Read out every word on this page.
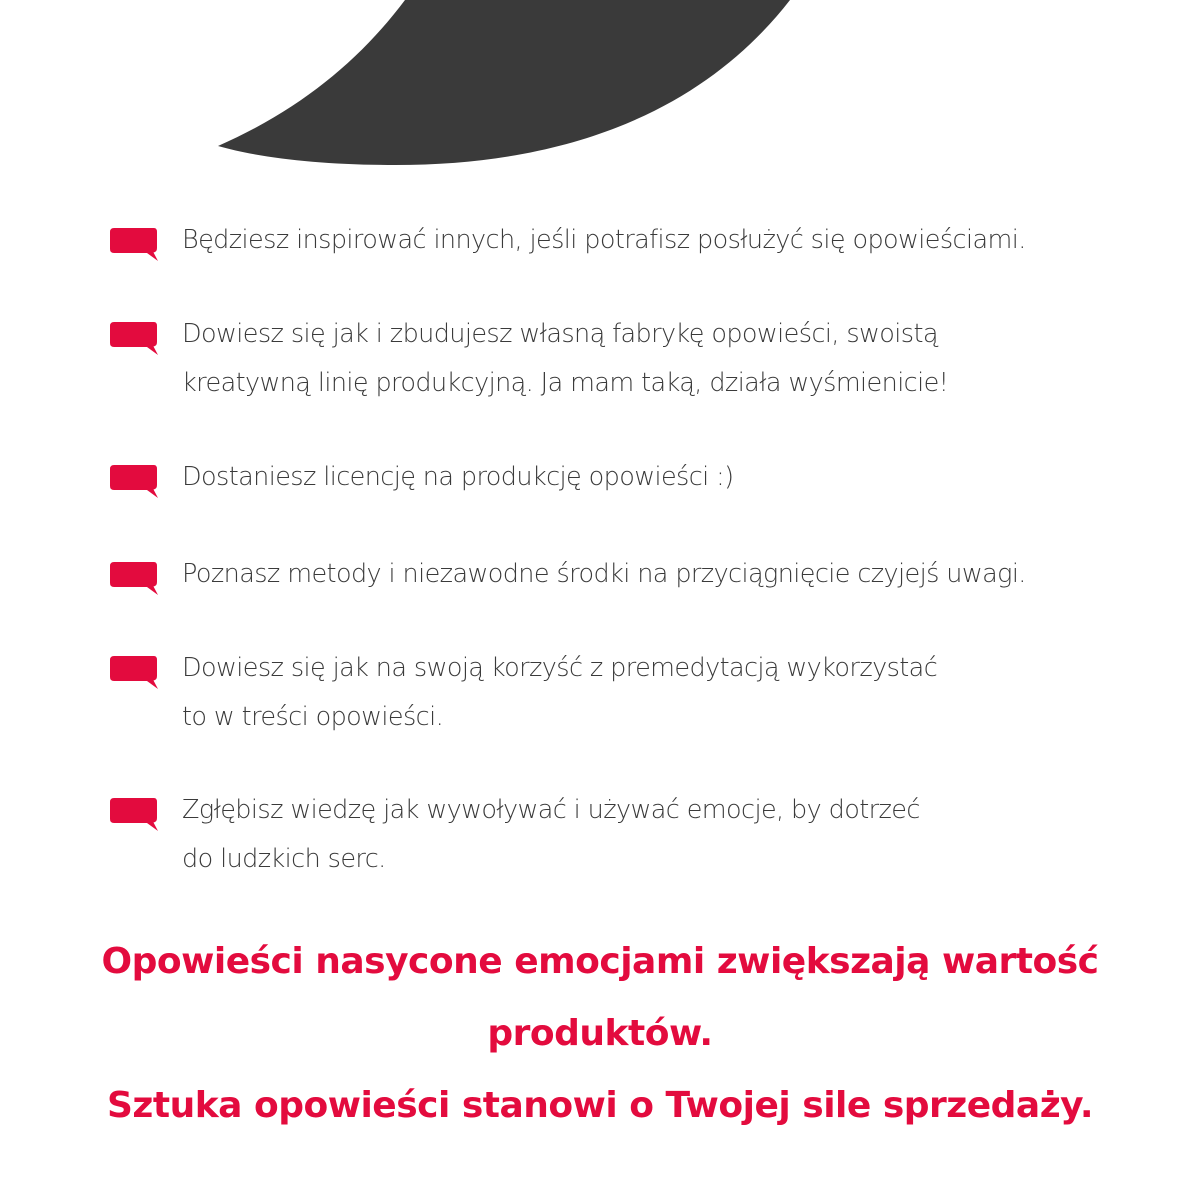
Będziesz inspirować innych, jeśli potrafisz posłużyć się opowieściami.
Dowiesz się jak i zbudujesz własną fabrykę opowieści, swoistą
kreatywną linię produkcyjną. Ja mam taką, działa wyśmienicie!
Dostaniesz licencję na produkcję opowieści :)
Poznasz metody i niezawodne środki na przyciągnięcie czyjejś uwagi.
Dowiesz się jak na swoją korzyść z premedytacją wykorzystać
to w treści opowieści.
Zgłębisz wiedzę jak wywoływać i używać emocje, by dotrzeć
do ludzkich serc.
Opowieści nasycone emocjami zwiększają wartość
produktów.
Sztuka opowieści stanowi o Twojej sile sprzedaży.
